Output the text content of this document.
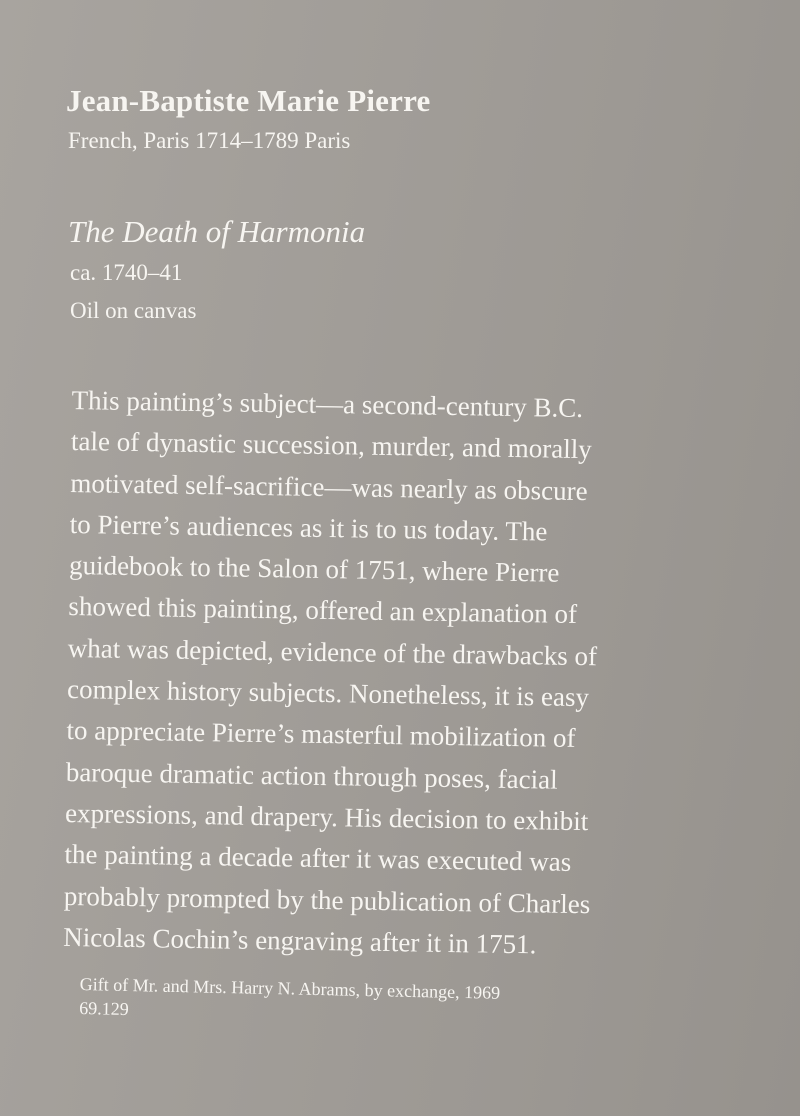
Jean-Baptiste Marie Pierre

French, Paris 1714–1789 Paris

The Death of Harmonia

ca. 1740–41

Oil on canvas

This painting’s subject—a second-century B.C.
tale of dynastic succession, murder, and morally
motivated self-sacrifice—was nearly as obscure
to Pierre’s audiences as it is to us today. The
guidebook to the Salon of 1751, where Pierre
showed this painting, offered an explanation of
what was depicted, evidence of the drawbacks of
complex history subjects. Nonetheless, it is easy
to appreciate Pierre’s masterful mobilization of
baroque dramatic action through poses, facial
expressions, and drapery. His decision to exhibit
the painting a decade after it was executed was
probably prompted by the publication of Charles
Nicolas Cochin’s engraving after it in 1751.
Gift of Mr. and Mrs. Harry N. Abrams, by exchange, 1969
69.129
